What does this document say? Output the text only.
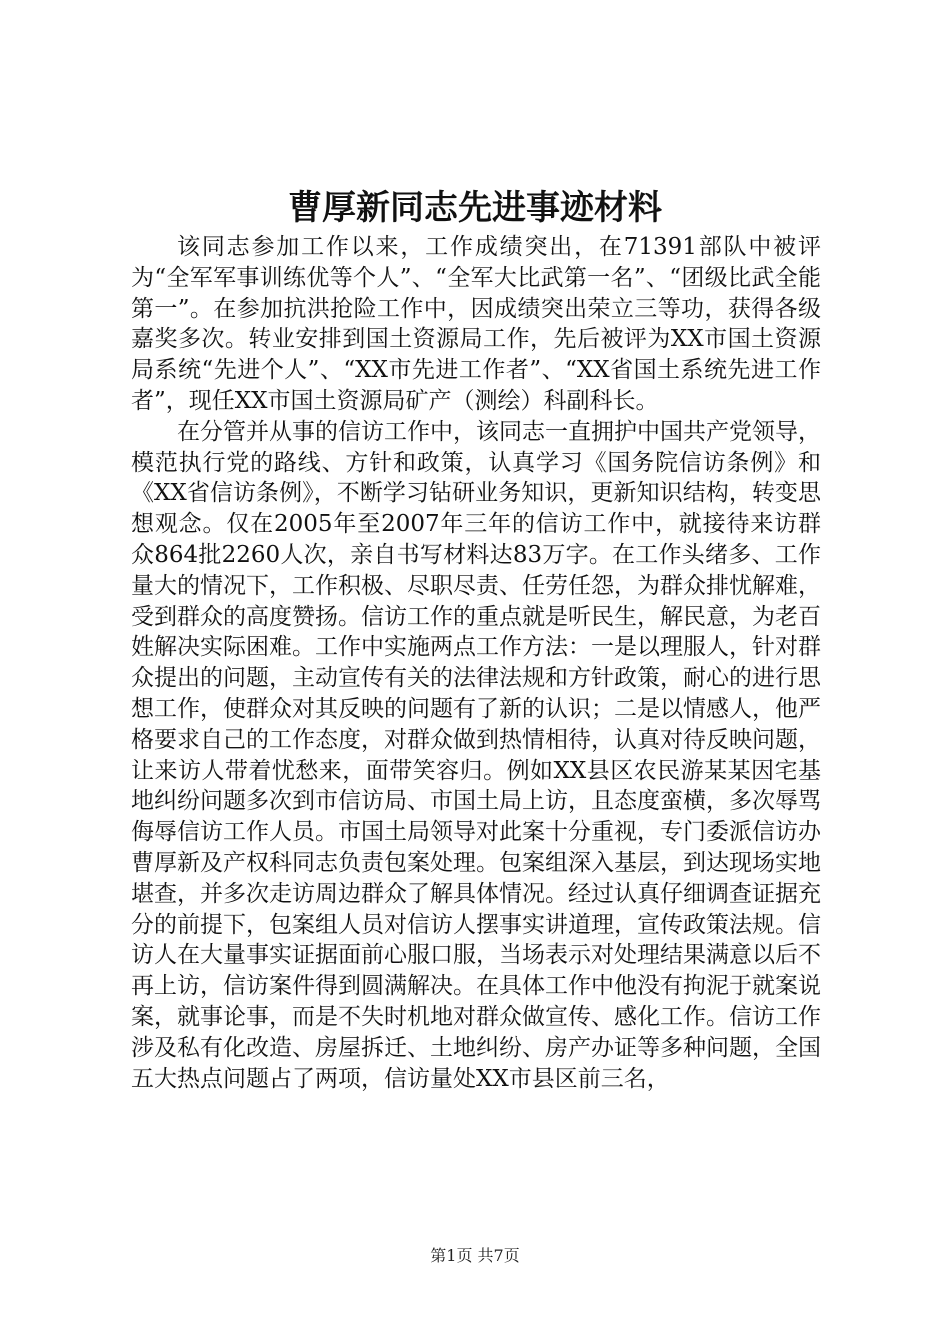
曹厚新同志先进事迹材料

该同志参加工作以来，工作成绩突出，在71391部队中被评为“全军军事训练优等个人”、“全军大比武第一名”、“团级比武全能第一”。在参加抗洪抢险工作中，因成绩突出荣立三等功，获得各级嘉奖多次。转业安排到国土资源局工作，先后被评为XX市国土资源局系统“先进个人”、“XX市先进工作者”、“XX省国土系统先进工作者”，现任XX市国土资源局矿产（测绘）科副科长。

在分管并从事的信访工作中，该同志一直拥护中国共产党领导，模范执行党的路线、方针和政策，认真学习《国务院信访条例》和《XX省信访条例》，不断学习钻研业务知识，更新知识结构，转变思想观念。仅在2005年至2007年三年的信访工作中，就接待来访群众864批2260人次，亲自书写材料达83万字。在工作头绪多、工作量大的情况下，工作积极、尽职尽责、任劳任怨，为群众排忧解难，受到群众的高度赞扬。信访工作的重点就是听民生，解民意，为老百姓解决实际困难。工作中实施两点工作方法：一是以理服人，针对群众提出的问题，主动宣传有关的法律法规和方针政策，耐心的进行思想工作，使群众对其反映的问题有了新的认识；二是以情感人，他严格要求自己的工作态度，对群众做到热情相待，认真对待反映问题，让来访人带着忧愁来，面带笑容归。例如XX县区农民游某某因宅基地纠纷问题多次到市信访局、市国土局上访，且态度蛮横，多次辱骂侮辱信访工作人员。市国土局领导对此案十分重视，专门委派信访办曹厚新及产权科同志负责包案处理。包案组深入基层，到达现场实地堪查，并多次走访周边群众了解具体情况。经过认真仔细调查证据充分的前提下，包案组人员对信访人摆事实讲道理，宣传政策法规。信访人在大量事实证据面前心服口服，当场表示对处理结果满意以后不再上访，信访案件得到圆满解决。在具体工作中他没有拘泥于就案说案，就事论事，而是不失时机地对群众做宣传、感化工作。信访工作涉及私有化改造、房屋拆迁、土地纠纷、房产办证等多种问题，全国五大热点问题占了两项，信访量处XX市县区前三名，

第1页 共7页
